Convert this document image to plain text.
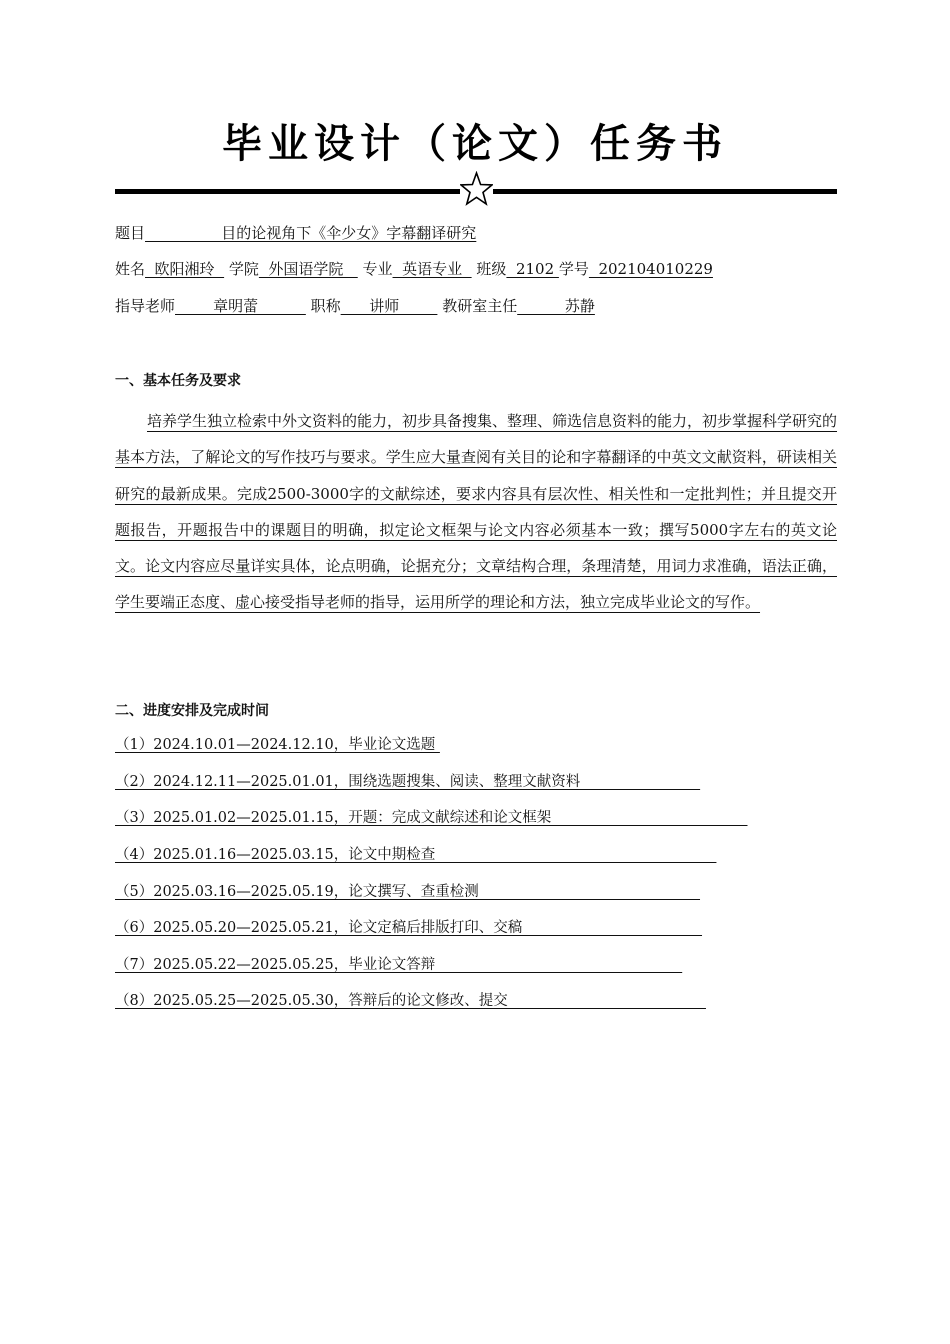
毕业设计（论文）任务书
题目                目的论视角下《伞少女》字幕翻译研究
姓名  欧阳湘玲   学院  外国语学院    专业  英语专业   班级  2102 学号  202104010229
指导老师        章明蕾           职称      讲师         教研室主任          苏静
一、基本任务及要求
培养学生独立检索中外文资料的能力，初步具备搜集、整理、筛选信息资料的能力，初步掌握科学研究的基本方法，了解论文的写作技巧与要求。学生应大量查阅有关目的论和字幕翻译的中英文文献资料，研读相关研究的最新成果。完成2500-3000字的文献综述，要求内容具有层次性、相关性和一定批判性；并且提交开题报告，开题报告中的课题目的明确，拟定论文框架与论文内容必须基本一致；撰写5000字左右的英文论文。论文内容应尽量详实具体，论点明确，论据充分；文章结构合理，条理清楚，用词力求准确，语法正确，学生要端正态度、虚心接受指导老师的指导，运用所学的理论和方法，独立完成毕业论文的写作。
二、进度安排及完成时间
（1）2024.10.01—2024.12.10，毕业论文选题
（2）2024.12.11—2025.01.01，围绕选题搜集、阅读、整理文献资料
（3）2025.01.02—2025.01.15，开题：完成文献综述和论文框架                                    _
（4）2025.01.16—2025.03.15，论文中期检查
（5）2025.03.16—2025.05.19，论文撰写、查重检测
（6）2025.05.20—2025.05.21，论文定稿后排版打印、交稿
（7）2025.05.22—2025.05.25，毕业论文答辩                                   _
（8）2025.05.25—2025.05.30，答辩后的论文修改、提交
